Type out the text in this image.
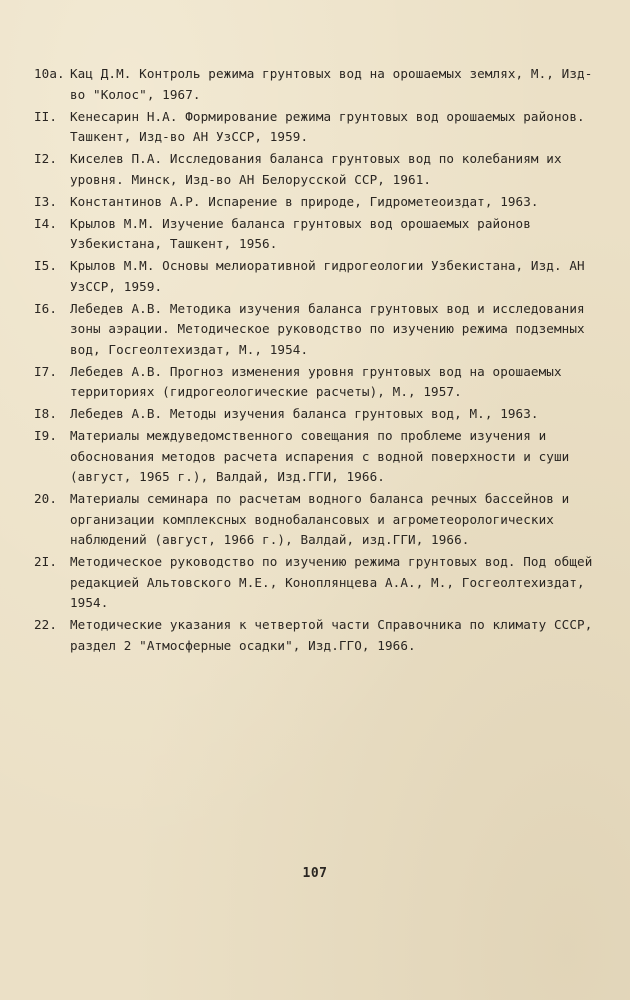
10а. Кац Д.М. Контроль режима грунтовых вод на орошаемых землях, М., Изд-во "Колос", 1967.
II.	Кенесарин Н.А. Формирование режима грунтовых вод орошаемых районов. Ташкент, Изд-во АН УзССР, 1959.
I2.	Киселев П.А. Исследования баланса грунтовых вод по колебаниям их уровня. Минск, Изд-во АН Белорусской ССР, 1961.
I3.	Константинов А.Р. Испарение в природе, Гидрометеоиздат, 1963.
I4.	Крылов М.М. Изучение баланса грунтовых вод орошаемых районов Узбекистана, Ташкент, 1956.
I5.	Крылов М.М. Основы мелиоративной гидрогеологии Узбекистана, Изд. АН УзССР, 1959.
I6.	Лебедев А.В. Методика изучения баланса грунтовых вод и исследования зоны аэрации. Методическое руководство по изучению режима подземных вод, Госгеолтехиздат, М., 1954.
I7.	Лебедев А.В. Прогноз изменения уровня грунтовых вод на орошаемых территориях (гидрогеологические расчеты), М., 1957.
I8.	Лебедев А.В. Методы изучения баланса грунтовых вод, М., 1963.
I9.	Материалы междуведомственного совещания по проблеме изучения и обоснования методов расчета испарения с водной поверхности и суши (август, 1965 г.), Валдай, Изд.ГГИ, 1966.
20.	Материалы семинара по расчетам водного баланса речных бассейнов и организации комплексных воднобалансовых и агрометеорологических наблюдений (август, 1966 г.), Валдай, изд.ГГИ, 1966.
2I.	Методическое руководство по изучению режима грунтовых вод. Под общей редакцией Альтовского М.Е., Коноплянцева А.А., М., Госгеолтехиздат, 1954.
22.	Методические указания к четвертой части Справочника по климату СССР, раздел 2 "Атмосферные осадки", Изд.ГГО, 1966.
107
